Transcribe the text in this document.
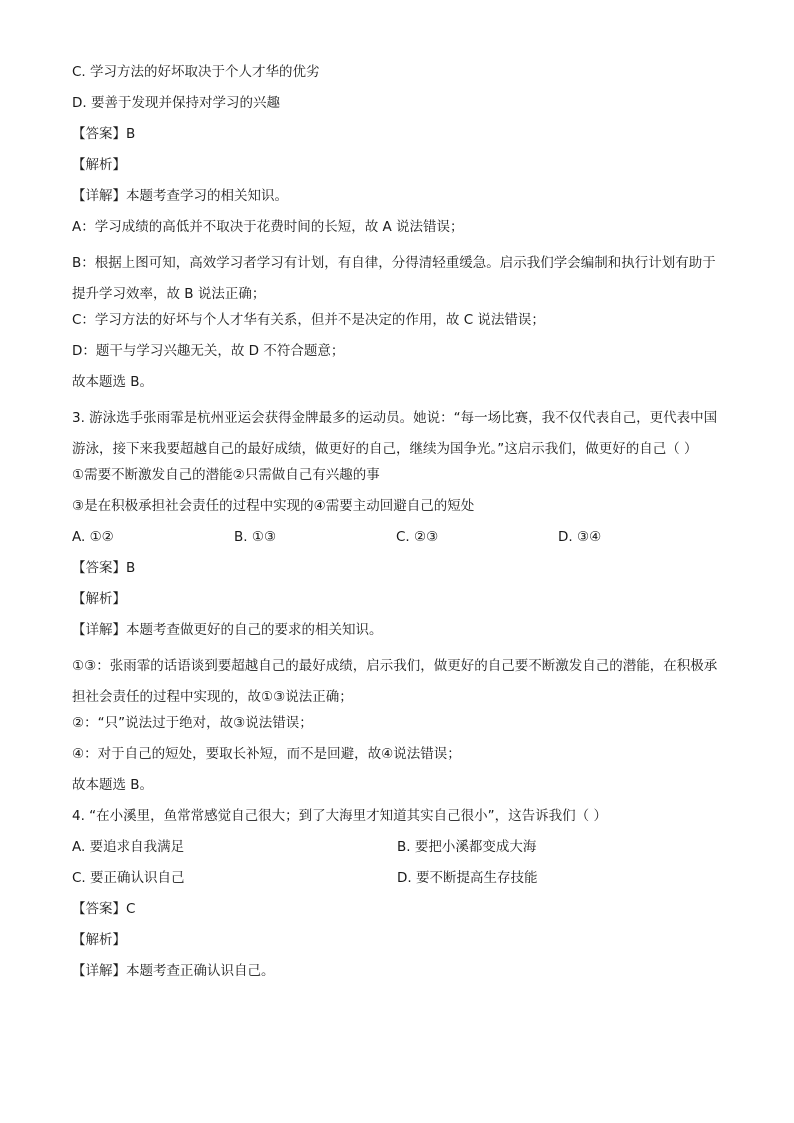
C. 学习方法的好坏取决于个人才华的优劣
D. 要善于发现并保持对学习的兴趣
【答案】B
【解析】
【详解】本题考查学习的相关知识。
A：学习成绩的高低并不取决于花费时间的长短，故 A 说法错误；
B：根据上图可知，高效学习者学习有计划，有自律，分得清轻重缓急。启示我们学会编制和执行计划有助于提升学习效率，故 B 说法正确；
C：学习方法的好坏与个人才华有关系，但并不是决定的作用，故 C 说法错误；
D：题干与学习兴趣无关，故 D 不符合题意；
故本题选 B。
3. 游泳选手张雨霏是杭州亚运会获得金牌最多的运动员。她说：“每一场比赛，我不仅代表自己，更代表中国游泳，接下来我要超越自己的最好成绩，做更好的自己，继续为国争光。”这启示我们，做更好的自己（ ）
①需要不断激发自己的潜能②只需做自己有兴趣的事
③是在积极承担社会责任的过程中实现的④需要主动回避自己的短处
A. ①②	B. ①③	C. ②③	D. ③④
【答案】B
【解析】
【详解】本题考查做更好的自己的要求的相关知识。
①③：张雨霏的话语谈到要超越自己的最好成绩，启示我们，做更好的自己要不断激发自己的潜能，在积极承担社会责任的过程中实现的，故①③说法正确；
②：“只”说法过于绝对，故③说法错误；
④：对于自己的短处，要取长补短，而不是回避，故④说法错误；
故本题选 B。
4. “在小溪里，鱼常常感觉自己很大；到了大海里才知道其实自己很小”，这告诉我们（ ）
A. 要追求自我满足	B. 要把小溪都变成大海
C. 要正确认识自己	D. 要不断提高生存技能
【答案】C
【解析】
【详解】本题考查正确认识自己。
